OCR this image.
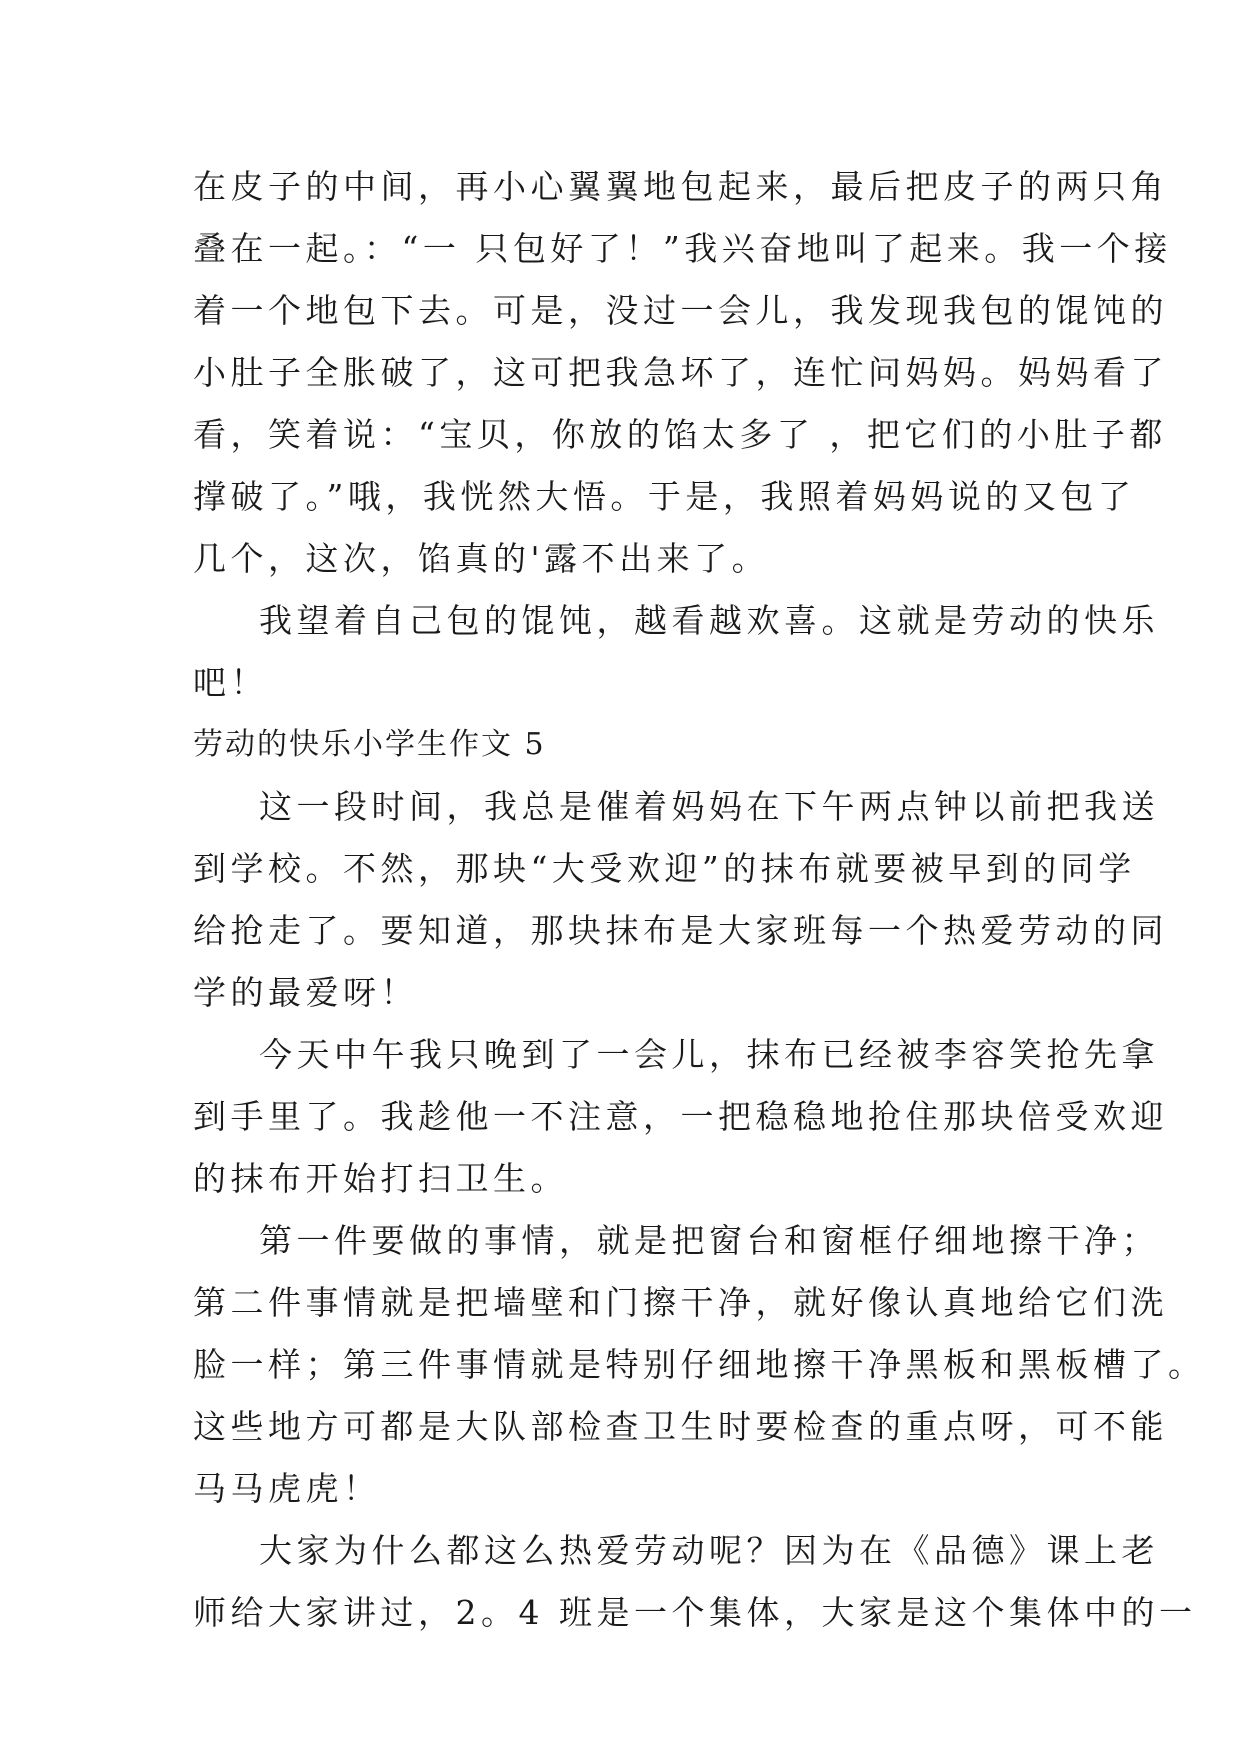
在皮子的中间，再小心翼翼地包起来，最后把皮子的两只角
叠在一起。：“一 只包好了！”我兴奋地叫了起来。我一个接
着一个地包下去。可是，没过一会儿，我发现我包的馄饨的
小肚子全胀破了，这可把我急坏了，连忙问妈妈。妈妈看了
看，笑着说：“宝贝，你放的馅太多了 ，把它们的小肚子都
撑破了。”哦，我恍然大悟。于是，我照着妈妈说的又包了
几个，这次，馅真的'露不出来了。
我望着自己包的馄饨，越看越欢喜。这就是劳动的快乐
吧！
劳动的快乐小学生作文 5
这一段时间，我总是催着妈妈在下午两点钟以前把我送
到学校。不然，那块“大受欢迎”的抹布就要被早到的同学
给抢走了。要知道，那块抹布是大家班每一个热爱劳动的同
学的最爱呀！
今天中午我只晚到了一会儿，抹布已经被李容笑抢先拿
到手里了。我趁他一不注意，一把稳稳地抢住那块倍受欢迎
的抹布开始打扫卫生。
第一件要做的事情，就是把窗台和窗框仔细地擦干净；
第二件事情就是把墙壁和门擦干净，就好像认真地给它们洗
脸一样；第三件事情就是特别仔细地擦干净黑板和黑板槽了。
这些地方可都是大队部检查卫生时要检查的重点呀，可不能
马马虎虎！
大家为什么都这么热爱劳动呢？因为在《品德》课上老
师给大家讲过，2。4 班是一个集体，大家是这个集体中的一
